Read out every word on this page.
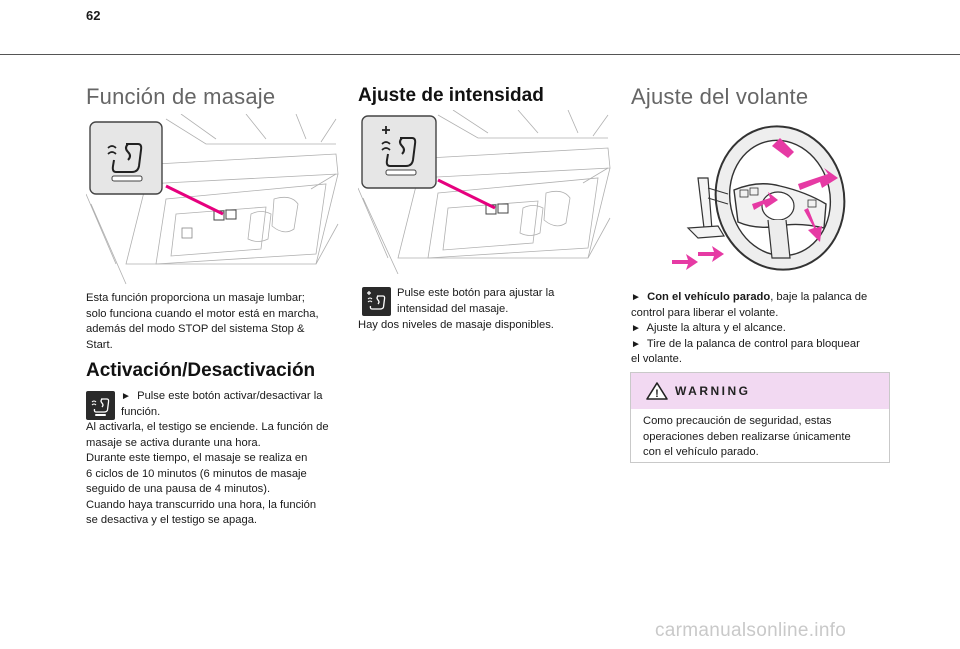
62
Función de masaje

Esta función proporciona un masaje lumbar;

solo funciona cuando el motor está en marcha,

además del modo STOP del sistema Stop &

Start.

Activación/Desactivación

► Pulse este botón activar/desactivar la

función.

Al activarla, el testigo se enciende. La función de

masaje se activa durante una hora.

Durante este tiempo, el masaje se realiza en

6 ciclos de 10 minutos (6 minutos de masaje

seguido de una pausa de 4 minutos).

Cuando haya transcurrido una hora, la función

se desactiva y el testigo se apaga.

Ajuste de intensidad

Pulse este botón para ajustar la

intensidad del masaje.

Hay dos niveles de masaje disponibles.

Ajuste del volante

► Con el vehículo parado, baje la palanca de

control para liberar el volante.

► Ajuste la altura y el alcance.

► Tire de la palanca de control para bloquear

el volante.

! WARNING

Como precaución de seguridad, estas

operaciones deben realizarse únicamente

con el vehículo parado.

carmanualsonline.info
